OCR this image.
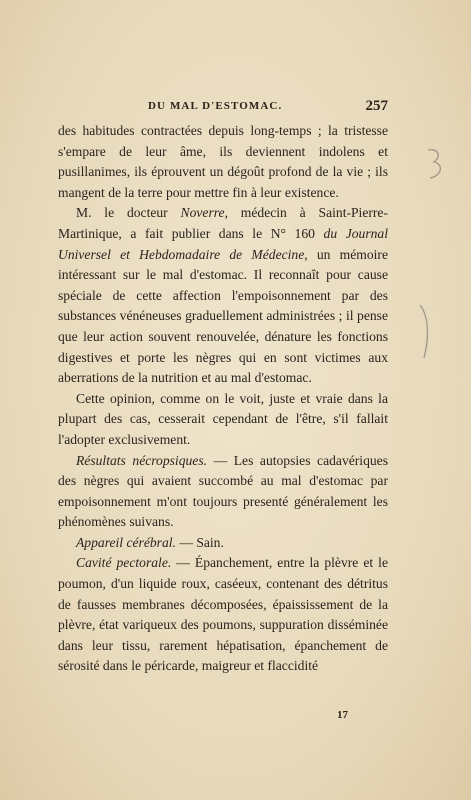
DU MAL D'ESTOMAC.	257

des habitudes contractées depuis long-temps ; la tristesse s'empare de leur âme, ils deviennent indolens et pusillanimes, ils éprouvent un dégoût profond de la vie ; ils mangent de la terre pour mettre fin à leur existence.

M. le docteur Noverre, médecin à Saint-Pierre-Martinique, a fait publier dans le N° 160 du Journal Universel et Hebdomadaire de Médecine, un mémoire intéressant sur le mal d'estomac. Il reconnaît pour cause spéciale de cette affection l'empoisonnement par des substances vénéneuses graduellement administrées ; il pense que leur action souvent renouvelée, dénature les fonctions digestives et porte les nègres qui en sont victimes aux aberrations de la nutrition et au mal d'estomac.

Cette opinion, comme on le voit, juste et vraie dans la plupart des cas, cesserait cependant de l'être, s'il fallait l'adopter exclusivement.

Résultats nécropsiques. — Les autopsies cadavériques des nègres qui avaient succombé au mal d'estomac par empoisonnement m'ont toujours presenté généralement les phénomènes suivans.

Appareil cérébral. — Sain.

Cavité pectorale. — Épanchement, entre la plèvre et le poumon, d'un liquide roux, caséeux, contenant des détritus de fausses membranes décomposées, épaississement de la plèvre, état variqueux des poumons, suppuration disséminée dans leur tissu, rarement hépatisation, épanchement de sérosité dans le péricarde, maigreur et flaccidité

17
